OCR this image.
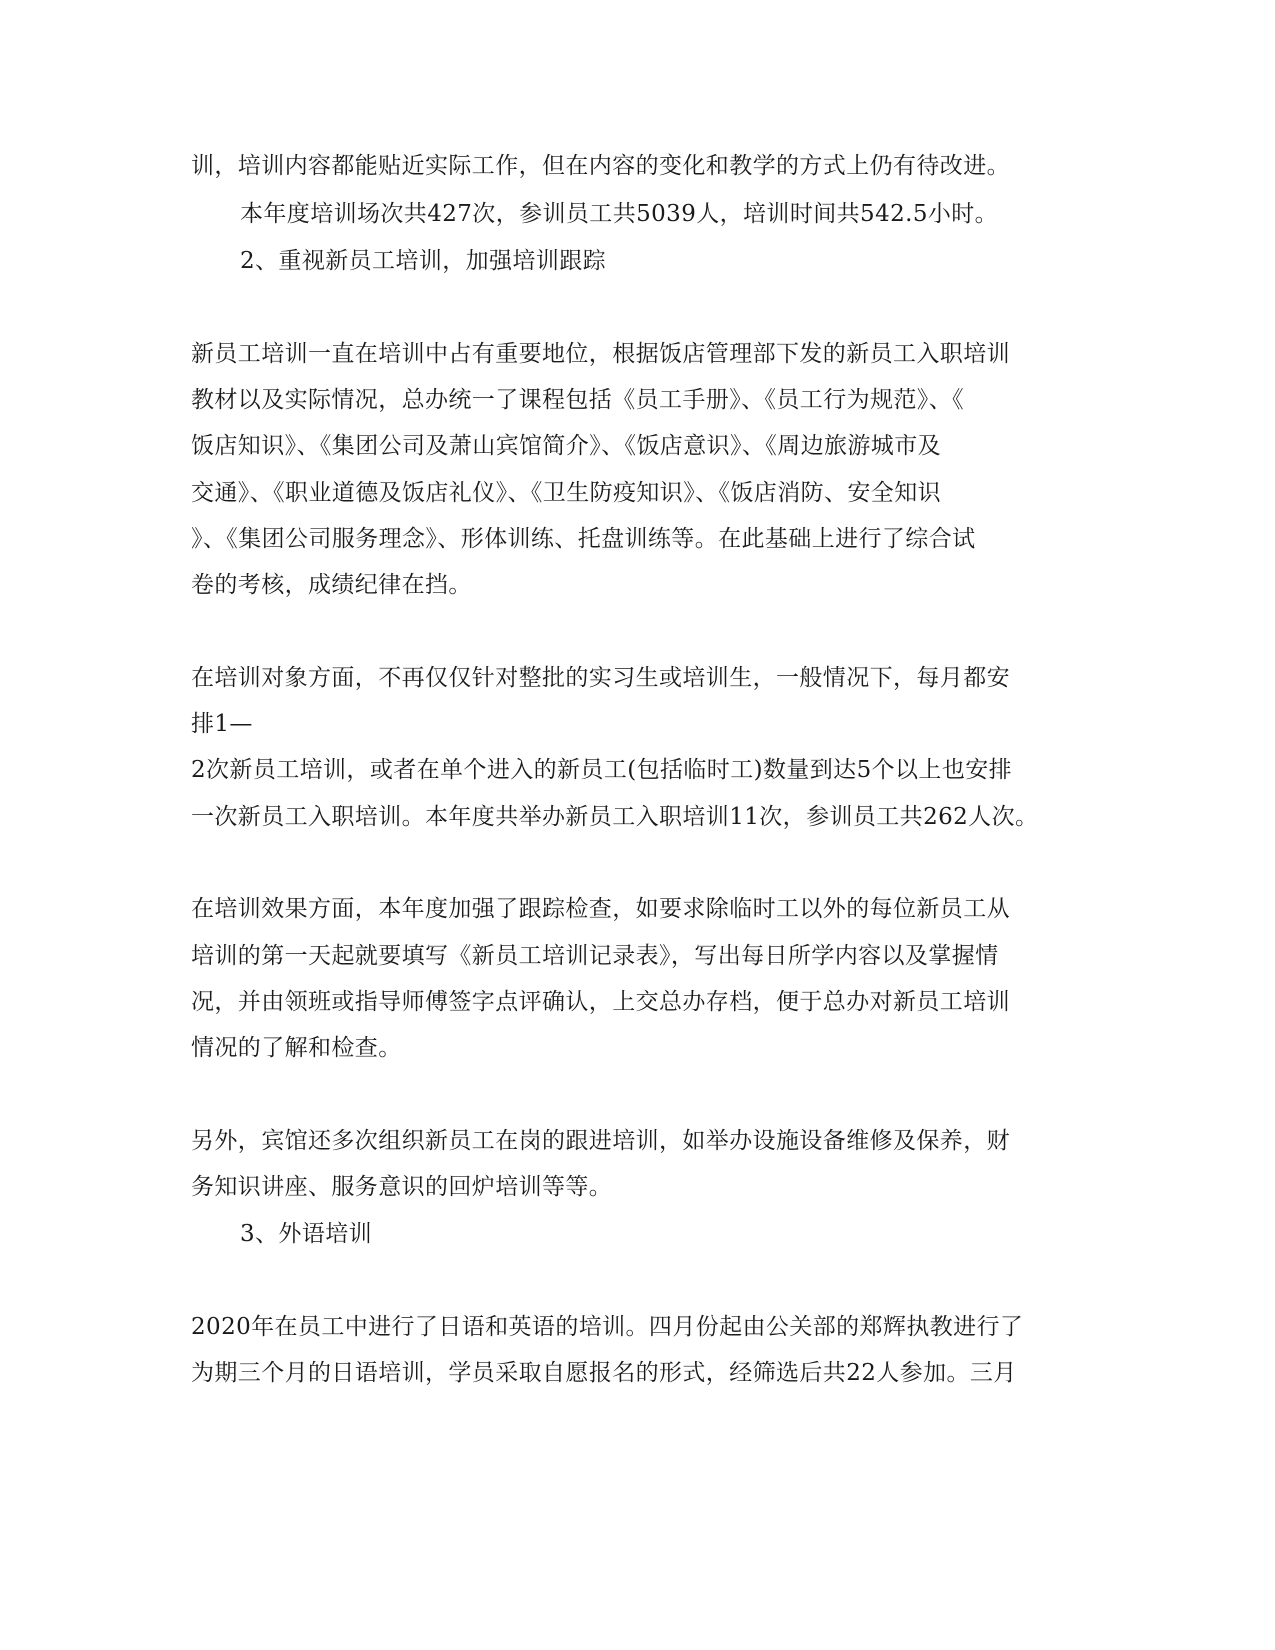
训，培训内容都能贴近实际工作，但在内容的变化和教学的方式上仍有待改进。
本年度培训场次共427次，参训员工共5039人，培训时间共542.5小时。
2、重视新员工培训，加强培训跟踪
新员工培训一直在培训中占有重要地位，根据饭店管理部下发的新员工入职培训
教材以及实际情况，总办统一了课程包括《员工手册》、《员工行为规范》、《
饭店知识》、《集团公司及萧山宾馆简介》、《饭店意识》、《周边旅游城市及
交通》、《职业道德及饭店礼仪》、《卫生防疫知识》、《饭店消防、安全知识
》、《集团公司服务理念》、形体训练、托盘训练等。在此基础上进行了综合试
卷的考核，成绩纪律在挡。
在培训对象方面，不再仅仅针对整批的实习生或培训生，一般情况下，每月都安
排1—
2次新员工培训，或者在单个进入的新员工(包括临时工)数量到达5个以上也安排
一次新员工入职培训。本年度共举办新员工入职培训11次，参训员工共262人次。
在培训效果方面，本年度加强了跟踪检查，如要求除临时工以外的每位新员工从
培训的第一天起就要填写《新员工培训记录表》，写出每日所学内容以及掌握情
况，并由领班或指导师傅签字点评确认，上交总办存档，便于总办对新员工培训
情况的了解和检查。
另外，宾馆还多次组织新员工在岗的跟进培训，如举办设施设备维修及保养，财
务知识讲座、服务意识的回炉培训等等。
3、外语培训
2020年在员工中进行了日语和英语的培训。四月份起由公关部的郑辉执教进行了
为期三个月的日语培训，学员采取自愿报名的形式，经筛选后共22人参加。三月
